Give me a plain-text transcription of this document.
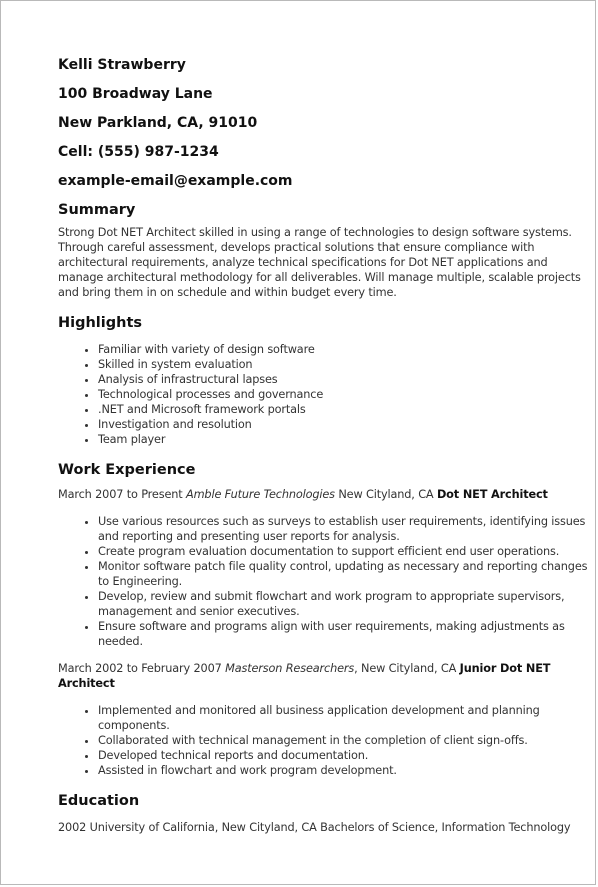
Kelli Strawberry
100 Broadway Lane
New Parkland, CA, 91010
Cell: (555) 987-1234
example-email@example.com
Summary

Strong Dot NET Architect skilled in using a range of technologies to design software systems. Through careful assessment, develops practical solutions that ensure compliance with architectural requirements, analyze technical specifications for Dot NET applications and manage architectural methodology for all deliverables. Will manage multiple, scalable projects and bring them in on schedule and within budget every time.

Highlights
• Familiar with variety of design software
• Skilled in system evaluation
• Analysis of infrastructural lapses
• Technological processes and governance
• .NET and Microsoft framework portals
• Investigation and resolution
• Team player
Work Experience
March 2007 to Present Amble Future Technologies New Cityland, CA Dot NET Architect
• Use various resources such as surveys to establish user requirements, identifying issues and reporting and presenting user reports for analysis.
• Create program evaluation documentation to support efficient end user operations.
• Monitor software patch file quality control, updating as necessary and reporting changes to Engineering.
• Develop, review and submit flowchart and work program to appropriate supervisors, management and senior executives.
• Ensure software and programs align with user requirements, making adjustments as needed.
March 2002 to February 2007 Masterson Researchers, New Cityland, CA Junior Dot NET Architect
• Implemented and monitored all business application development and planning components.
• Collaborated with technical management in the completion of client sign-offs.
• Developed technical reports and documentation.
• Assisted in flowchart and work program development.
Education
2002 University of California, New Cityland, CA Bachelors of Science, Information Technology
